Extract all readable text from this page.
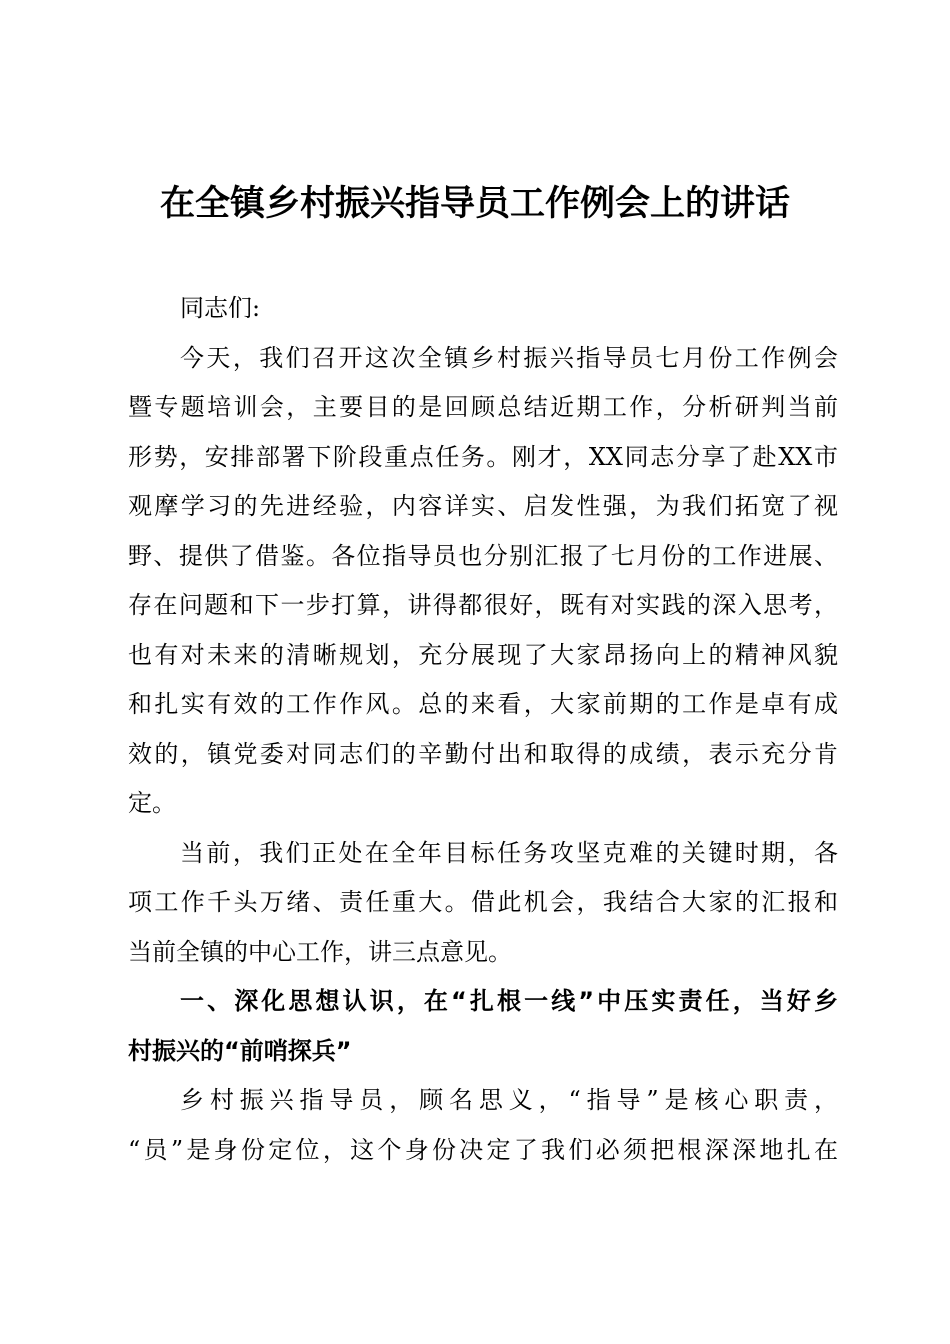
在全镇乡村振兴指导员工作例会上的讲话
同志们:
今天，我们召开这次全镇乡村振兴指导员七月份工作例会
暨专题培训会，主要目的是回顾总结近期工作，分析研判当前
形势，安排部署下阶段重点任务。刚才，XX同志分享了赴XX市
观摩学习的先进经验，内容详实、启发性强，为我们拓宽了视
野、提供了借鉴。各位指导员也分别汇报了七月份的工作进展、
存在问题和下一步打算，讲得都很好，既有对实践的深入思考，
也有对未来的清晰规划，充分展现了大家昂扬向上的精神风貌
和扎实有效的工作作风。总的来看，大家前期的工作是卓有成
效的，镇党委对同志们的辛勤付出和取得的成绩，表示充分肯
定。
当前，我们正处在全年目标任务攻坚克难的关键时期，各
项工作千头万绪、责任重大。借此机会，我结合大家的汇报和
当前全镇的中心工作，讲三点意见。
一、深化思想认识，在“扎根一线”中压实责任，当好乡
村振兴的“前哨探兵”
乡村振兴指导员，顾名思义，“指导”是核心职责，
“员”是身份定位，这个身份决定了我们必须把根深深地扎在
